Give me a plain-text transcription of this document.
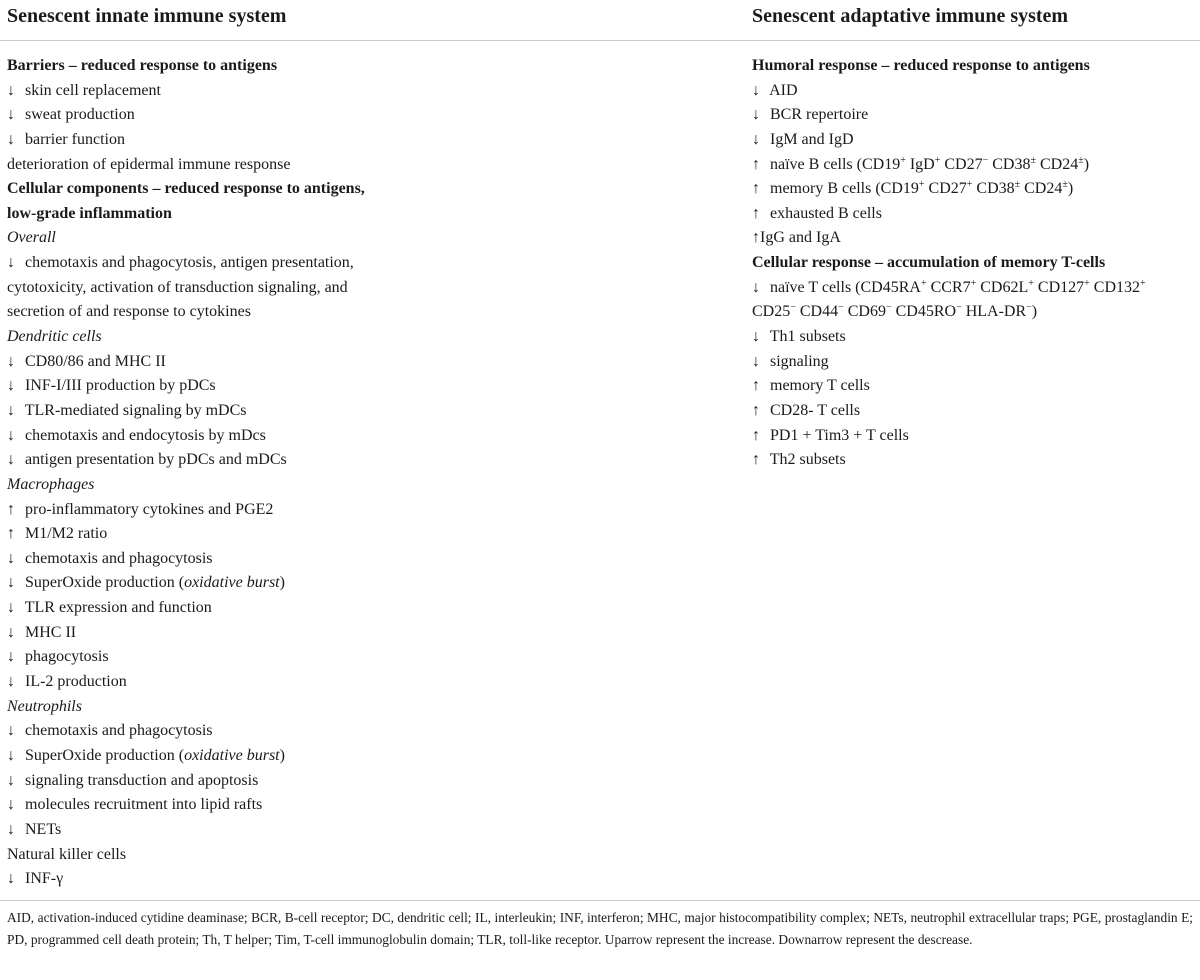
Senescent innate immune system	Senescent adaptative immune system
Barriers – reduced response to antigens
↓ skin cell replacement
↓ sweat production
↓ barrier function
deterioration of epidermal immune response
Cellular components – reduced response to antigens,
low-grade inflammation
Overall
↓ chemotaxis and phagocytosis, antigen presentation,
cytotoxicity, activation of transduction signaling, and
secretion of and response to cytokines
Dendritic cells
↓ CD80/86 and MHC II
↓ INF-I/III production by pDCs
↓ TLR-mediated signaling by mDCs
↓ chemotaxis and endocytosis by mDcs
↓ antigen presentation by pDCs and mDCs
Macrophages
↑ pro-inflammatory cytokines and PGE2
↑ M1/M2 ratio
↓ chemotaxis and phagocytosis
↓ SuperOxide production (oxidative burst)
↓ TLR expression and function
↓ MHC II
↓ phagocytosis
↓ IL-2 production
Neutrophils
↓ chemotaxis and phagocytosis
↓ SuperOxide production (oxidative burst)
↓ signaling transduction and apoptosis
↓ molecules recruitment into lipid rafts
↓ NETs
Natural killer cells
↓ INF-γ
Humoral response – reduced response to antigens
↓ AID
↓ BCR repertoire
↓ IgM and IgD
↑ naïve B cells (CD19+ IgD+ CD27− CD38± CD24±)
↑ memory B cells (CD19+ CD27+ CD38± CD24±)
↑ exhausted B cells
↑IgG and IgA
Cellular response – accumulation of memory T-cells
↓ naïve T cells (CD45RA+ CCR7+ CD62L+ CD127+ CD132+
CD25− CD44− CD69− CD45RO− HLA-DR−)
↓ Th1 subsets
↓ signaling
↑ memory T cells
↑ CD28- T cells
↑ PD1 + Tim3 + T cells
↑ Th2 subsets
AID, activation-induced cytidine deaminase; BCR, B-cell receptor; DC, dendritic cell; IL, interleukin; INF, interferon; MHC, major histocompatibility complex; NETs, neutrophil extracellular traps; PGE, prostaglandin E; PD, programmed cell death protein; Th, T helper; Tim, T-cell immunoglobulin domain; TLR, toll-like receptor. Uparrow represent the increase. Downarrow represent the descrease.
